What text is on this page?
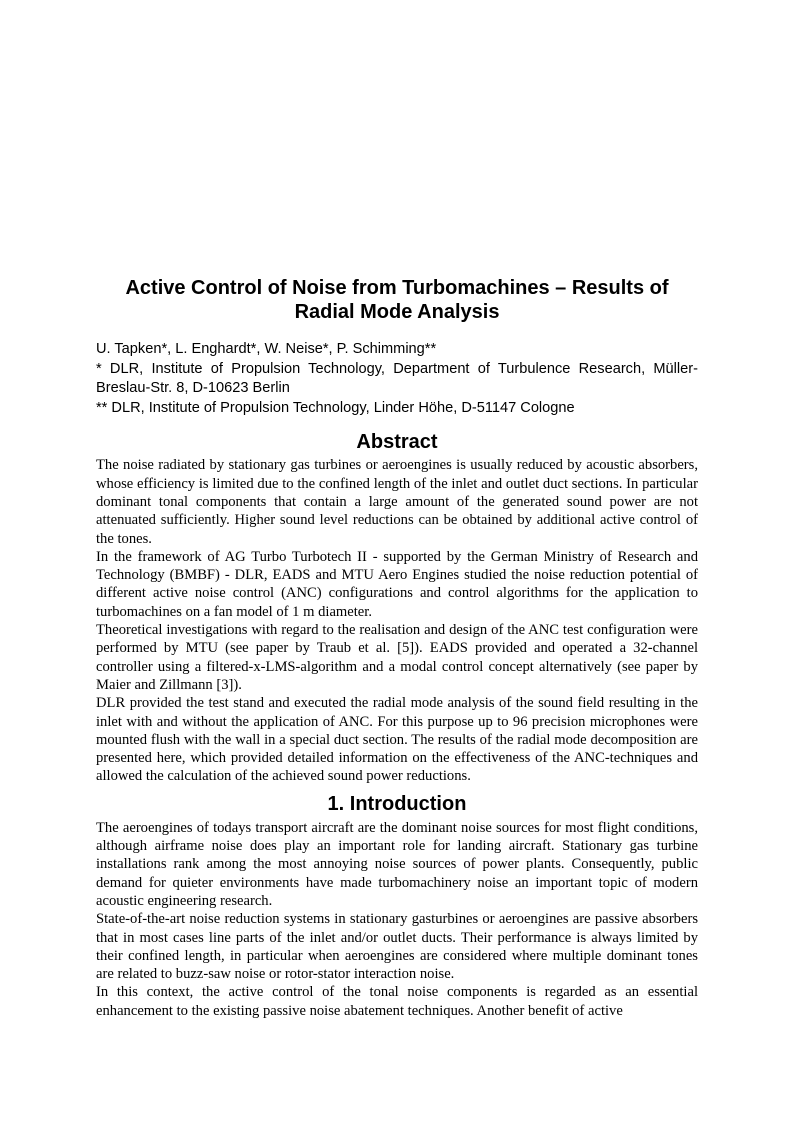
Active Control of Noise from Turbomachines – Results of
Radial Mode Analysis
U. Tapken*, L. Enghardt*, W. Neise*, P. Schimming**
* DLR, Institute of Propulsion Technology, Department of Turbulence Research, Müller-Breslau-Str. 8, D-10623 Berlin
** DLR, Institute of Propulsion Technology, Linder Höhe, D-51147 Cologne
Abstract

The noise radiated by stationary gas turbines or aeroengines is usually reduced by acoustic absorbers, whose efficiency is limited due to the confined length of the inlet and outlet duct sections. In particular dominant tonal components that contain a large amount of the generated sound power are not attenuated sufficiently. Higher sound level reductions can be obtained by additional active control of the tones.

In the framework of AG Turbo Turbotech II - supported by the German Ministry of Research and Technology (BMBF) - DLR, EADS and MTU Aero Engines studied the noise reduction potential of different active noise control (ANC) configurations and control algorithms for the application to turbomachines on a fan model of 1 m diameter.

Theoretical investigations with regard to the realisation and design of the ANC test configuration were performed by MTU (see paper by Traub et al. [5]). EADS provided and operated a 32-channel controller using a filtered-x-LMS-algorithm and a modal control concept alternatively (see paper by Maier and Zillmann [3]).

DLR provided the test stand and executed the radial mode analysis of the sound field resulting in the inlet with and without the application of ANC. For this purpose up to 96 precision microphones were mounted flush with the wall in a special duct section. The results of the radial mode decomposition are presented here, which provided detailed information on the effectiveness of the ANC-techniques and allowed the calculation of the achieved sound power reductions.

1. Introduction

The aeroengines of todays transport aircraft are the dominant noise sources for most flight conditions, although airframe noise does play an important role for landing aircraft. Stationary gas turbine installations rank among the most annoying noise sources of power plants. Consequently, public demand for quieter environments have made turbomachinery noise an important topic of modern acoustic engineering research.

State-of-the-art noise reduction systems in stationary gasturbines or aeroengines are passive absorbers that in most cases line parts of the inlet and/or outlet ducts. Their performance is always limited by their confined length, in particular when aeroengines are considered where multiple dominant tones are related to buzz-saw noise or rotor-stator interaction noise.

In this context, the active control of the tonal noise components is regarded as an essential enhancement to the existing passive noise abatement techniques. Another benefit of active
